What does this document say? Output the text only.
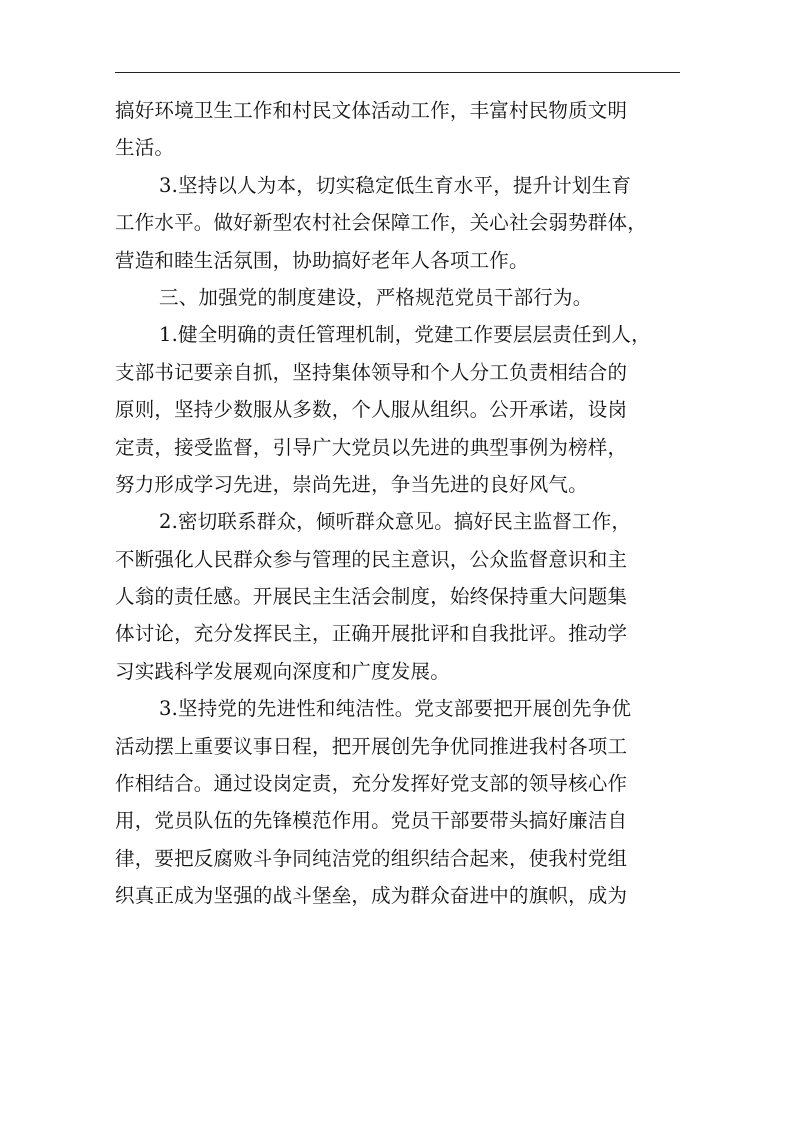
搞好环境卫生工作和村民文体活动工作，丰富村民物质文明
生活。
3.坚持以人为本，切实稳定低生育水平，提升计划生育
工作水平。做好新型农村社会保障工作，关心社会弱势群体，
营造和睦生活氛围，协助搞好老年人各项工作。
三、加强党的制度建设，严格规范党员干部行为。
1.健全明确的责任管理机制，党建工作要层层责任到人，
支部书记要亲自抓，坚持集体领导和个人分工负责相结合的
原则，坚持少数服从多数，个人服从组织。公开承诺，设岗
定责，接受监督，引导广大党员以先进的典型事例为榜样，
努力形成学习先进，崇尚先进，争当先进的良好风气。
2.密切联系群众，倾听群众意见。搞好民主监督工作，
不断强化人民群众参与管理的民主意识，公众监督意识和主
人翁的责任感。开展民主生活会制度，始终保持重大问题集
体讨论，充分发挥民主，正确开展批评和自我批评。推动学
习实践科学发展观向深度和广度发展。
3.坚持党的先进性和纯洁性。党支部要把开展创先争优
活动摆上重要议事日程，把开展创先争优同推进我村各项工
作相结合。通过设岗定责，充分发挥好党支部的领导核心作
用，党员队伍的先锋模范作用。党员干部要带头搞好廉洁自
律，要把反腐败斗争同纯洁党的组织结合起来，使我村党组
织真正成为坚强的战斗堡垒，成为群众奋进中的旗帜，成为
